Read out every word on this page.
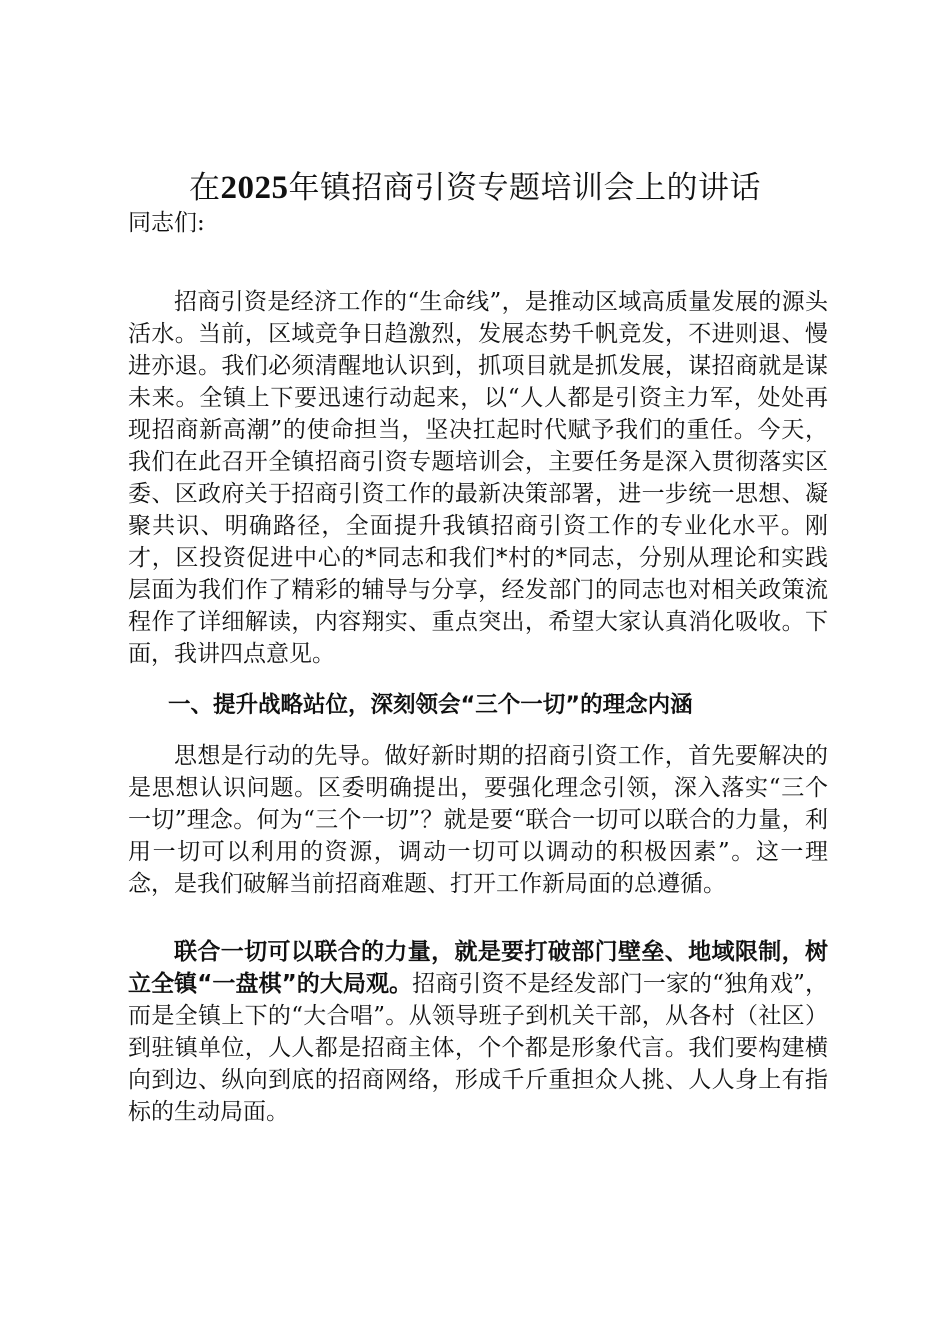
在2025年镇招商引资专题培训会上的讲话

同志们:

招商引资是经济工作的“生命线”，是推动区域高质量发展的源头活水。当前，区域竞争日趋激烈，发展态势千帆竞发，不进则退、慢进亦退。我们必须清醒地认识到，抓项目就是抓发展，谋招商就是谋未来。全镇上下要迅速行动起来，以“人人都是引资主力军，处处再现招商新高潮”的使命担当，坚决扛起时代赋予我们的重任。今天，我们在此召开全镇招商引资专题培训会，主要任务是深入贯彻落实区委、区政府关于招商引资工作的最新决策部署，进一步统一思想、凝聚共识、明确路径，全面提升我镇招商引资工作的专业化水平。刚才，区投资促进中心的*同志和我们*村的*同志，分别从理论和实践层面为我们作了精彩的辅导与分享，经发部门的同志也对相关政策流程作了详细解读，内容翔实、重点突出，希望大家认真消化吸收。下面，我讲四点意见。

一、提升战略站位，深刻领会“三个一切”的理念内涵

思想是行动的先导。做好新时期的招商引资工作，首先要解决的是思想认识问题。区委明确提出，要强化理念引领，深入落实“三个一切”理念。何为“三个一切”？就是要“联合一切可以联合的力量，利用一切可以利用的资源，调动一切可以调动的积极因素”。这一理念，是我们破解当前招商难题、打开工作新局面的总遵循。

联合一切可以联合的力量，就是要打破部门壁垒、地域限制，树立全镇“一盘棋”的大局观。招商引资不是经发部门一家的“独角戏”，而是全镇上下的“大合唱”。从领导班子到机关干部，从各村（社区）到驻镇单位，人人都是招商主体，个个都是形象代言。我们要构建横向到边、纵向到底的招商网络，形成千斤重担众人挑、人人身上有指标的生动局面。
